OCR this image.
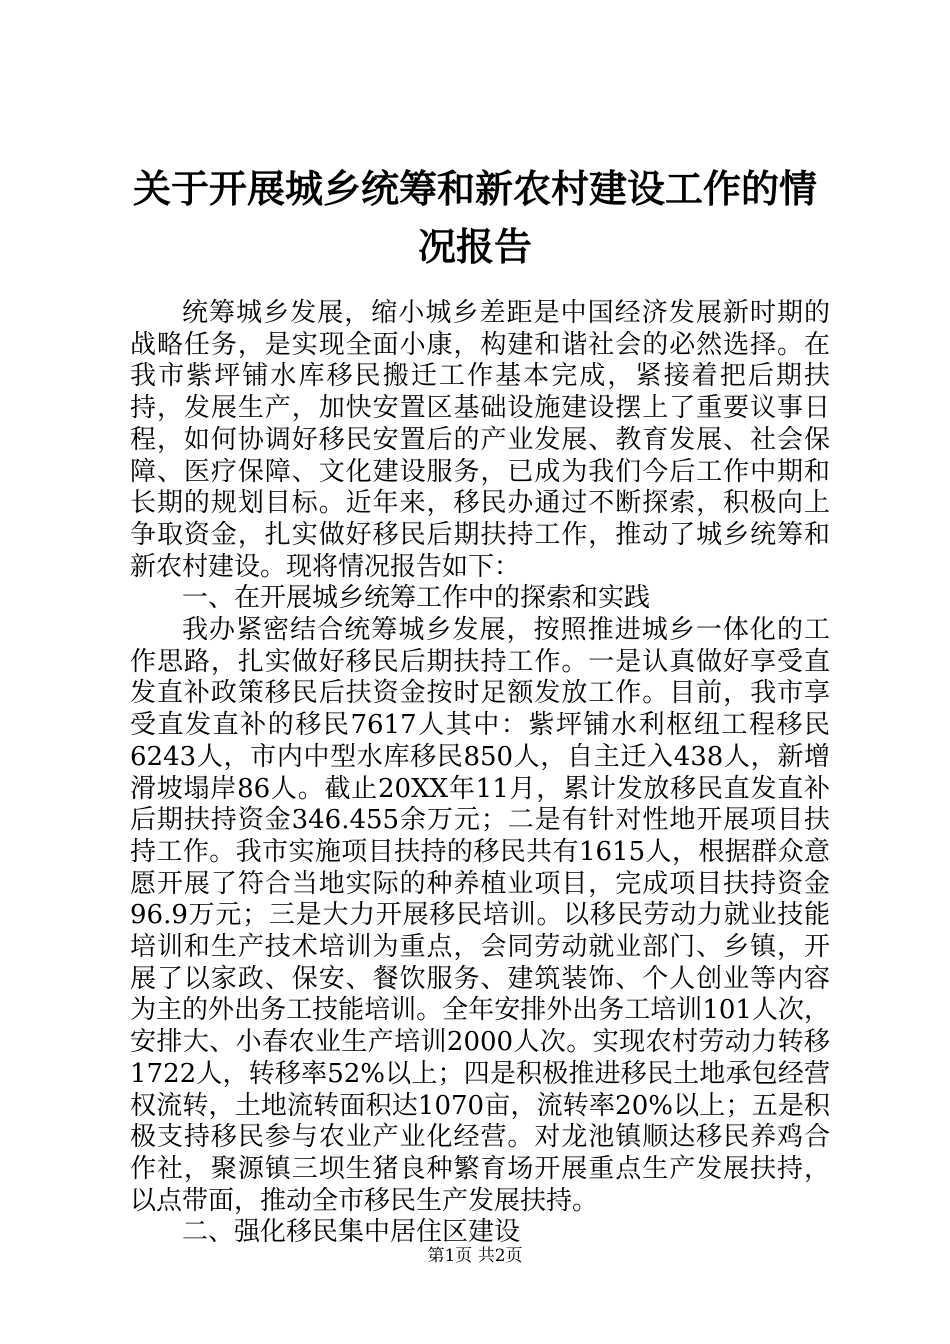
关于开展城乡统筹和新农村建设工作的情况报告

统筹城乡发展，缩小城乡差距是中国经济发展新时期的战略任务，是实现全面小康，构建和谐社会的必然选择。在我市紫坪铺水库移民搬迁工作基本完成，紧接着把后期扶持，发展生产，加快安置区基础设施建设摆上了重要议事日程，如何协调好移民安置后的产业发展、教育发展、社会保障、医疗保障、文化建设服务，已成为我们今后工作中期和长期的规划目标。近年来，移民办通过不断探索，积极向上争取资金，扎实做好移民后期扶持工作，推动了城乡统筹和新农村建设。现将情况报告如下：

一、在开展城乡统筹工作中的探索和实践

我办紧密结合统筹城乡发展，按照推进城乡一体化的工作思路，扎实做好移民后期扶持工作。一是认真做好享受直发直补政策移民后扶资金按时足额发放工作。目前，我市享受直发直补的移民7617人其中：紫坪铺水利枢纽工程移民6243人，市内中型水库移民850人，自主迁入438人，新增滑坡塌岸86人。截止20XX年11月，累计发放移民直发直补后期扶持资金346.455余万元；二是有针对性地开展项目扶持工作。我市实施项目扶持的移民共有1615人，根据群众意愿开展了符合当地实际的种养植业项目，完成项目扶持资金96.9万元；三是大力开展移民培训。以移民劳动力就业技能培训和生产技术培训为重点，会同劳动就业部门、乡镇，开展了以家政、保安、餐饮服务、建筑装饰、个人创业等内容为主的外出务工技能培训。全年安排外出务工培训101人次，安排大、小春农业生产培训2000人次。实现农村劳动力转移1722人，转移率52%以上；四是积极推进移民土地承包经营权流转，土地流转面积达1070亩，流转率20%以上；五是积极支持移民参与农业产业化经营。对龙池镇顺达移民养鸡合作社，聚源镇三坝生猪良种繁育场开展重点生产发展扶持，以点带面，推动全市移民生产发展扶持。

二、强化移民集中居住区建设

第1页 共2页
